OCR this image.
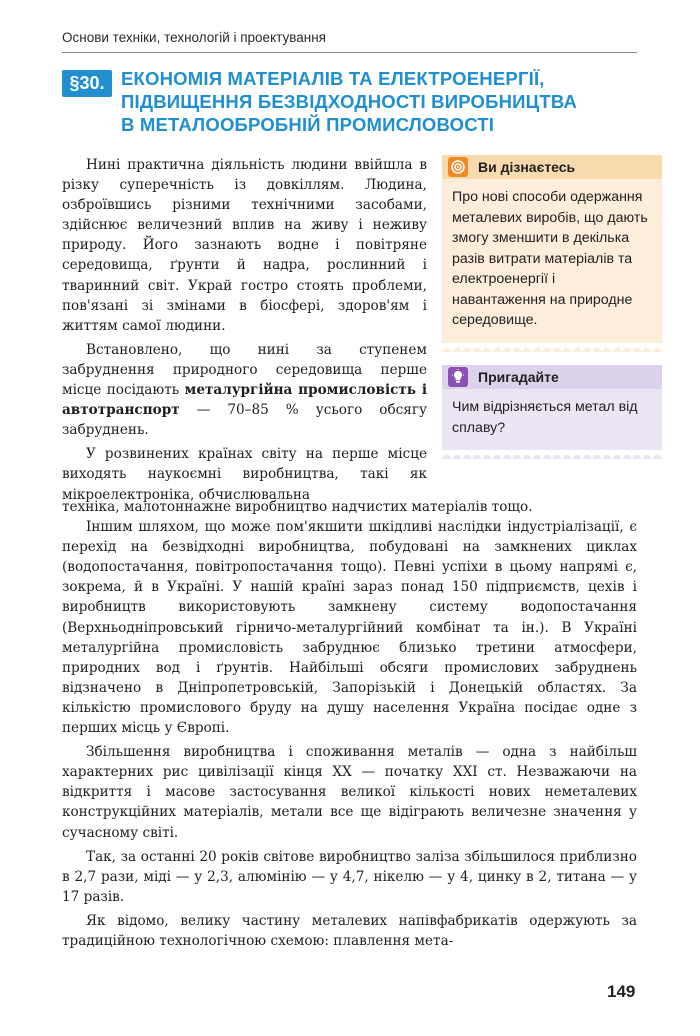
Основи техніки, технологій і проектування
§30. ЕКОНОМІЯ МАТЕРІАЛІВ ТА ЕЛЕКТРОЕНЕРГІЇ,
ПІДВИЩЕННЯ БЕЗВІДХОДНОСТІ ВИРОБНИЦТВА
В МЕТАЛООБРОБНІЙ ПРОМИСЛОВОСТІ

Нині практична діяльність людини ввійшла в різку суперечність із довкіллям. Людина, озброївшись різними технічними засобами, здійснює величезний вплив на живу і неживу природу. Його зазнають водне і повітряне середовища, ґрунти й надра, рослинний і тваринний світ. Украй гостро стоять проблеми, пов'язані зі змінами в біосфері, здоров'ям і життям самої людини.

Встановлено, що нині за ступенем забруднення природного середовища перше місце посідають металургійна промисловість і автотранспорт — 70–85 % усього обсягу забруднень.

У розвинених країнах світу на перше місце виходять наукоємні виробництва, такі як мікроелектроніка, обчислювальна

техніка, малотоннажне виробництво надчистих матеріалів тощо.

Іншим шляхом, що може пом'якшити шкідливі наслідки індустріалізації, є перехід на безвідходні виробництва, побудовані на замкнених циклах (водопостачання, повітропостачання тощо). Певні успіхи в цьому напрямі є, зокрема, й в Україні. У нашій країні зараз понад 150 підприємств, цехів і виробництв використовують замкнену систему водопостачання (Верхньодніпровський гірничо-металургійний комбінат та ін.). В Україні металургійна промисловість забруднює близько третини атмосфери, природних вод і ґрунтів. Найбільші обсяги промислових забруднень відзначено в Дніпропетровській, Запорізькій і Донецькій областях. За кількістю промислового бруду на душу населення Україна посідає одне з перших місць у Європі.

Збільшення виробництва і споживання металів — одна з найбільш характерних рис цивілізації кінця XX — початку XXI ст. Незважаючи на відкриття і масове застосування великої кількості нових неметалевих конструкційних матеріалів, метали все ще відіграють величезне значення у сучасному світі.

Так, за останні 20 років світове виробництво заліза збільшилося приблизно в 2,7 рази, міді — у 2,3, алюмінію — у 4,7, нікелю — у 4, цинку в 2, титана — у 17 разів.

Як відомо, велику частину металевих напівфабрикатів одержують за традиційною технологічною схемою: плавлення мета-

Ви дізнаєтесь
Про нові способи одержання металевих виробів, що дають змогу зменшити в декілька разів витрати матеріалів та електроенергії і навантаження на природне середовище.
Пригадайте
Чим відрізняється метал від сплаву?
149
